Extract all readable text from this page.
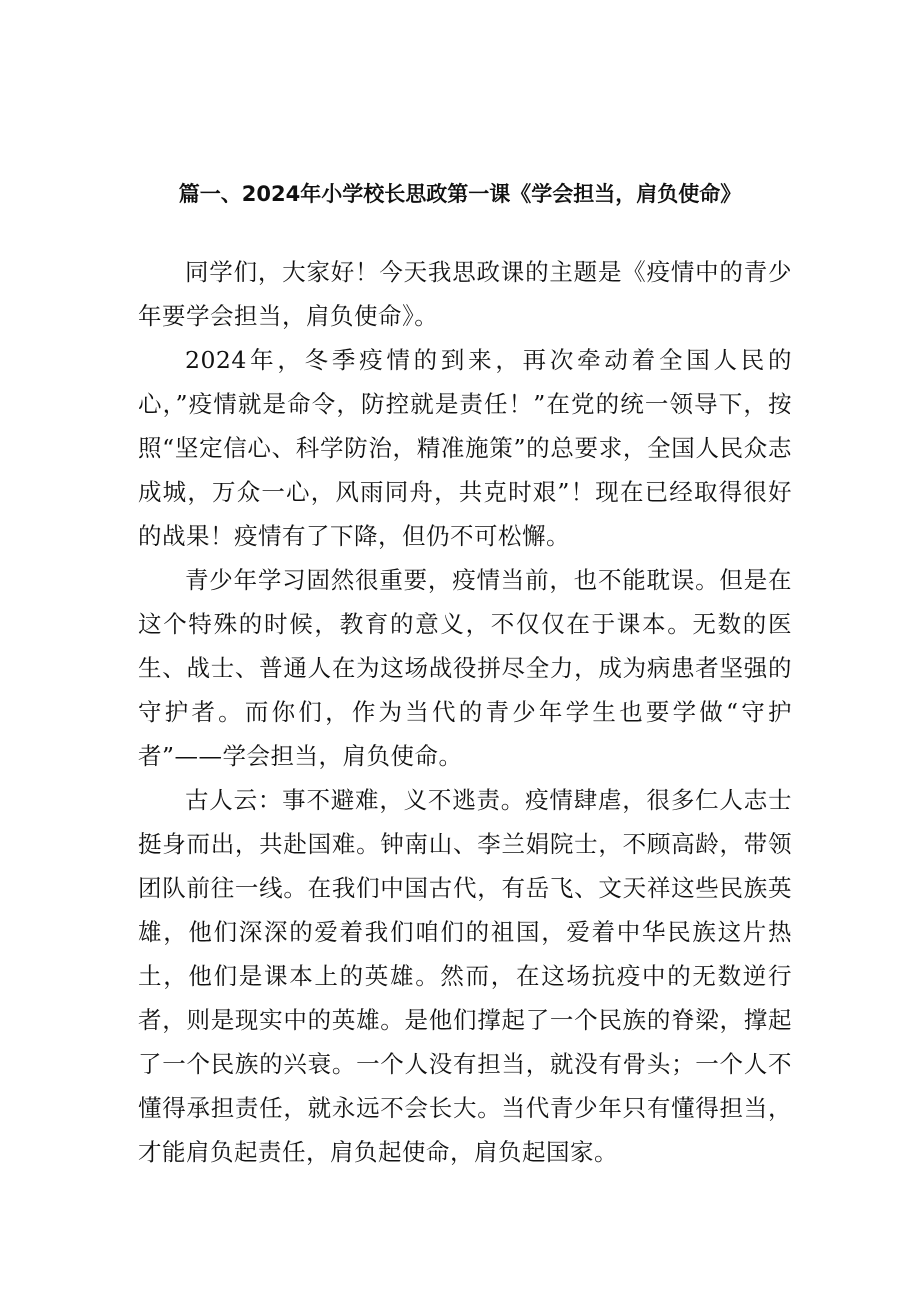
篇一、2024年小学校长思政第一课《学会担当，肩负使命》

同学们，大家好！今天我思政课的主题是《疫情中的青少年要学会担当，肩负使命》。

2024年，冬季疫情的到来，再次牵动着全国人民的心，”疫情就是命令，防控就是责任！”在党的统一领导下，按照“坚定信心、科学防治，精准施策”的总要求，全国人民众志成城，万众一心，风雨同舟，共克时艰”！现在已经取得很好的战果！疫情有了下降，但仍不可松懈。

青少年学习固然很重要，疫情当前，也不能耽误。但是在这个特殊的时候，教育的意义，不仅仅在于课本。无数的医生、战士、普通人在为这场战役拼尽全力，成为病患者坚强的守护者。而你们，作为当代的青少年学生也要学做“守护者”——学会担当，肩负使命。

古人云：事不避难，义不逃责。疫情肆虐，很多仁人志士挺身而出，共赴国难。钟南山、李兰娟院士，不顾高龄，带领团队前往一线。在我们中国古代，有岳飞、文天祥这些民族英雄，他们深深的爱着我们咱们的祖国，爱着中华民族这片热土，他们是课本上的英雄。然而，在这场抗疫中的无数逆行者，则是现实中的英雄。是他们撑起了一个民族的脊梁，撑起了一个民族的兴衰。一个人没有担当，就没有骨头；一个人不懂得承担责任，就永远不会长大。当代青少年只有懂得担当，才能肩负起责任，肩负起使命，肩负起国家。
